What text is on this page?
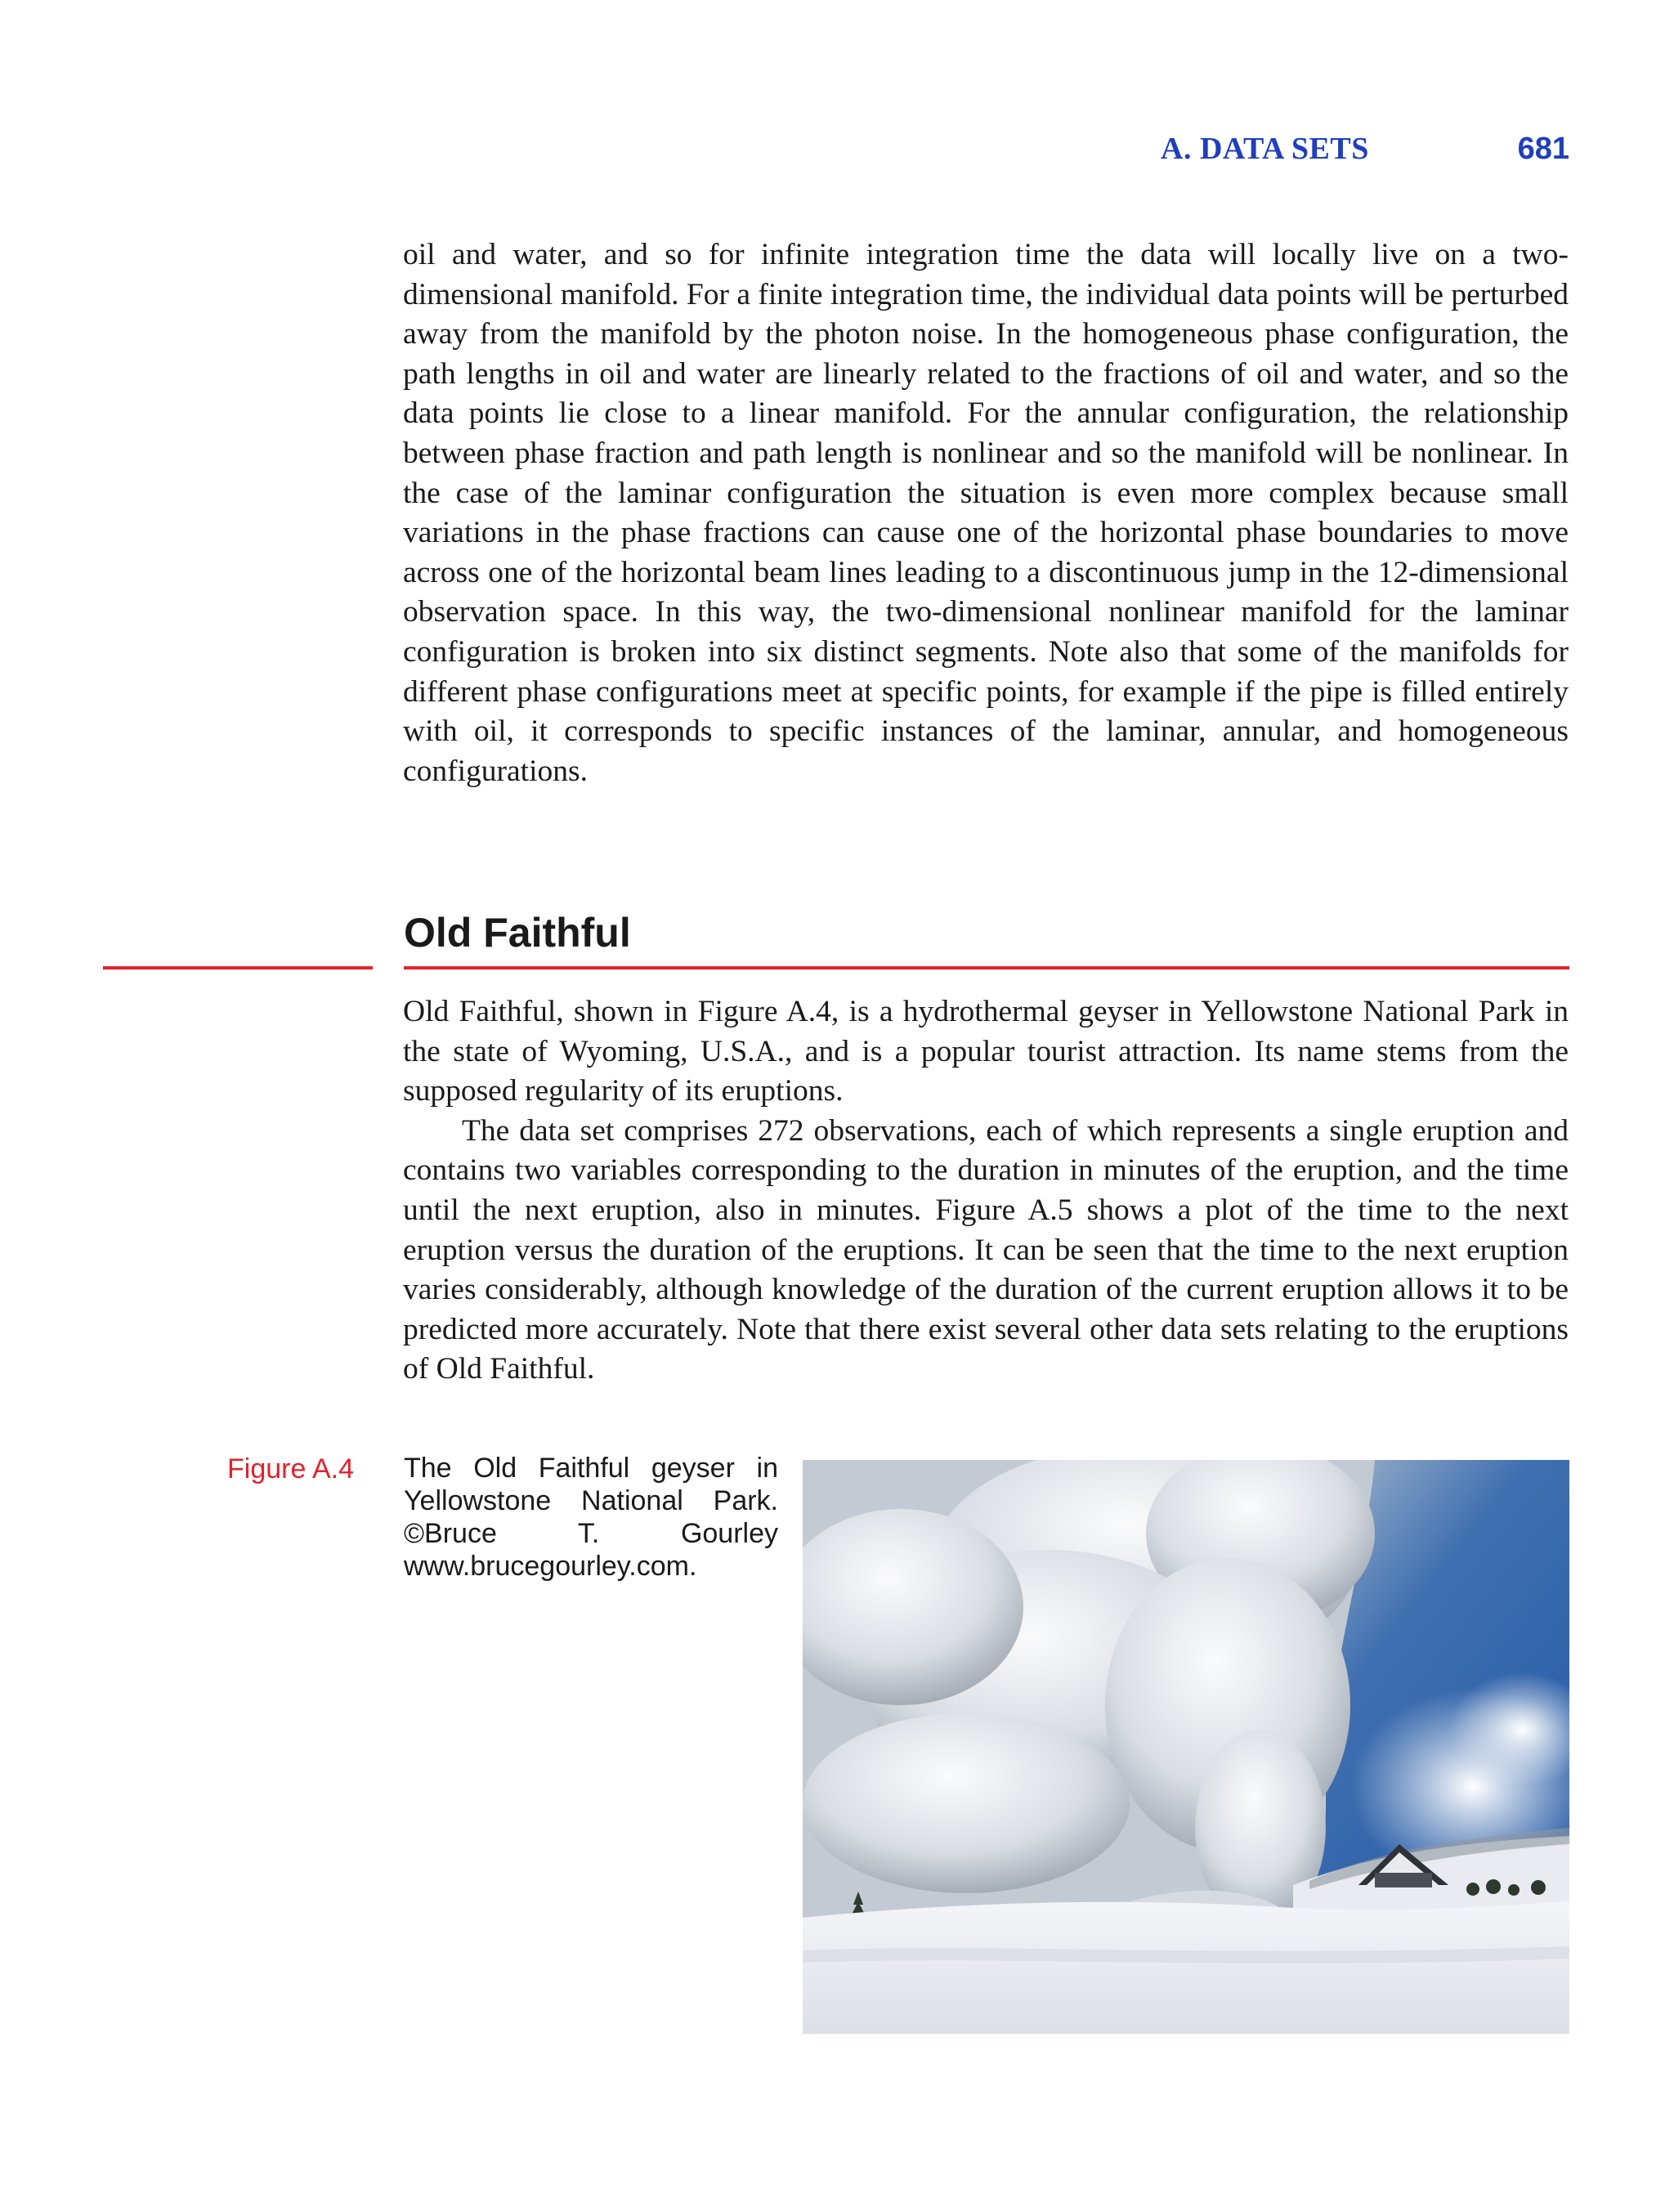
A. DATA SETS	681

oil and water, and so for infinite integration time the data will locally live on a two-dimensional manifold. For a finite integration time, the individual data points will be perturbed away from the manifold by the photon noise. In the homogeneous phase configuration, the path lengths in oil and water are linearly related to the fractions of oil and water, and so the data points lie close to a linear manifold. For the annular configuration, the relationship between phase fraction and path length is nonlinear and so the manifold will be nonlinear. In the case of the laminar configuration the situation is even more complex because small variations in the phase fractions can cause one of the horizontal phase boundaries to move across one of the horizontal beam lines leading to a discontinuous jump in the 12-dimensional observation space. In this way, the two-dimensional nonlinear manifold for the laminar configuration is broken into six distinct segments. Note also that some of the manifolds for different phase configurations meet at specific points, for example if the pipe is filled entirely with oil, it corresponds to specific instances of the laminar, annular, and homogeneous configurations.

Old Faithful

Old Faithful, shown in Figure A.4, is a hydrothermal geyser in Yellowstone National Park in the state of Wyoming, U.S.A., and is a popular tourist attraction. Its name stems from the supposed regularity of its eruptions.

The data set comprises 272 observations, each of which represents a single eruption and contains two variables corresponding to the duration in minutes of the eruption, and the time until the next eruption, also in minutes. Figure A.5 shows a plot of the time to the next eruption versus the duration of the eruptions. It can be seen that the time to the next eruption varies considerably, although knowledge of the duration of the current eruption allows it to be predicted more accurately. Note that there exist several other data sets relating to the eruptions of Old Faithful.

Figure A.4 The Old Faithful geyser in Yellowstone National Park. ©Bruce T. Gourley www.brucegourley.com.
